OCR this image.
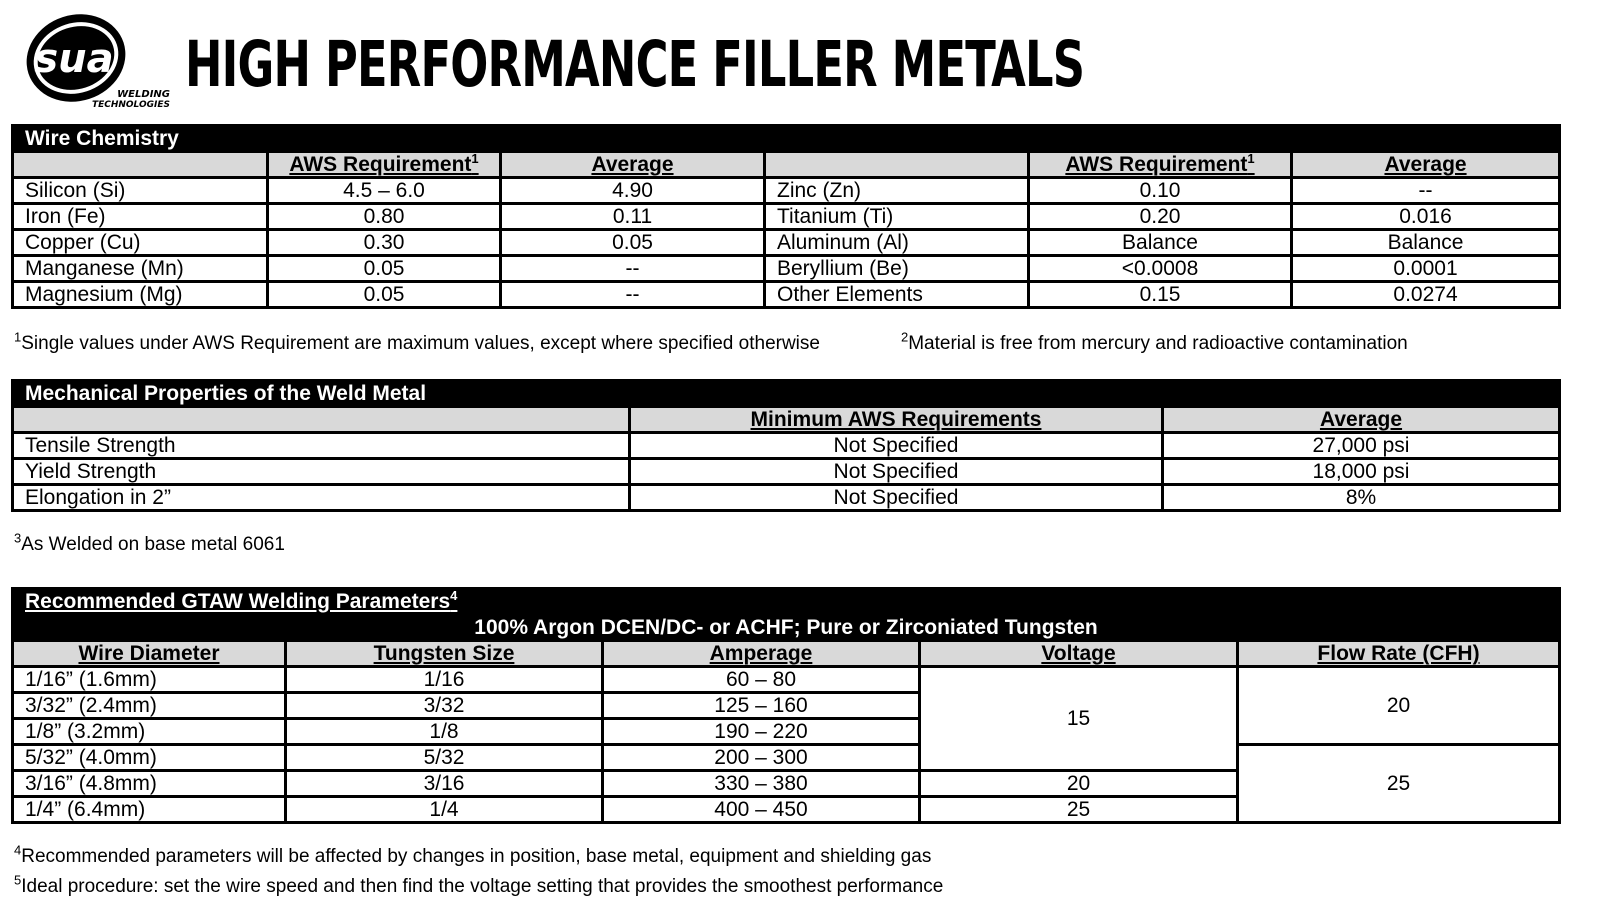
sua
WELDING
TECHNOLOGIES
HIGH PERFORMANCE FILLER METALS
Wire Chemistry					
	AWS Requirement$^1$	Average		AWS Requirement$^1$	Average
Silicon (Si)	4.5 – 6.0	4.90	Zinc (Zn)	0.10	--
Iron (Fe)	0.80	0.11	Titanium (Ti)	0.20	0.016
Copper (Cu)	0.30	0.05	Aluminum (Al)	Balance	Balance
Manganese (Mn)	0.05	--	Beryllium (Be)	<0.0008	0.0001
Magnesium (Mg)	0.05	--	Other Elements	0.15	0.0274
$^1$Single values under AWS Requirement are maximum values, except where specified otherwise	$^2$Material is free from mercury and radioactive contamination
Mechanical Properties of the Weld Metal		
	Minimum AWS Requirements	Average
Tensile Strength	Not Specified	27,000 psi
Yield Strength	Not Specified	18,000 psi
Elongation in 2”	Not Specified	8%
$^3$As Welded on base metal 6061
Recommended GTAW Welding Parameters$^4$
100% Argon DCEN/DC- or ACHF; Pure or Zirconiated Tungsten				
Wire Diameter	Tungsten Size	Amperage	Voltage	Flow Rate (CFH)
1/16” (1.6mm)	1/16	60 – 80	15	20
3/32” (2.4mm)	3/32	125 – 160		
1/8” (3.2mm)	1/8	190 – 220		
5/32” (4.0mm)	5/32	200 – 300		25
3/16” (4.8mm)	3/16	330 – 380	20	
1/4” (6.4mm)	1/4	400 – 450	25	
$^4$Recommended parameters will be affected by changes in position, base metal, equipment and shielding gas
$^5$Ideal procedure: set the wire speed and then find the voltage setting that provides the smoothest performance
